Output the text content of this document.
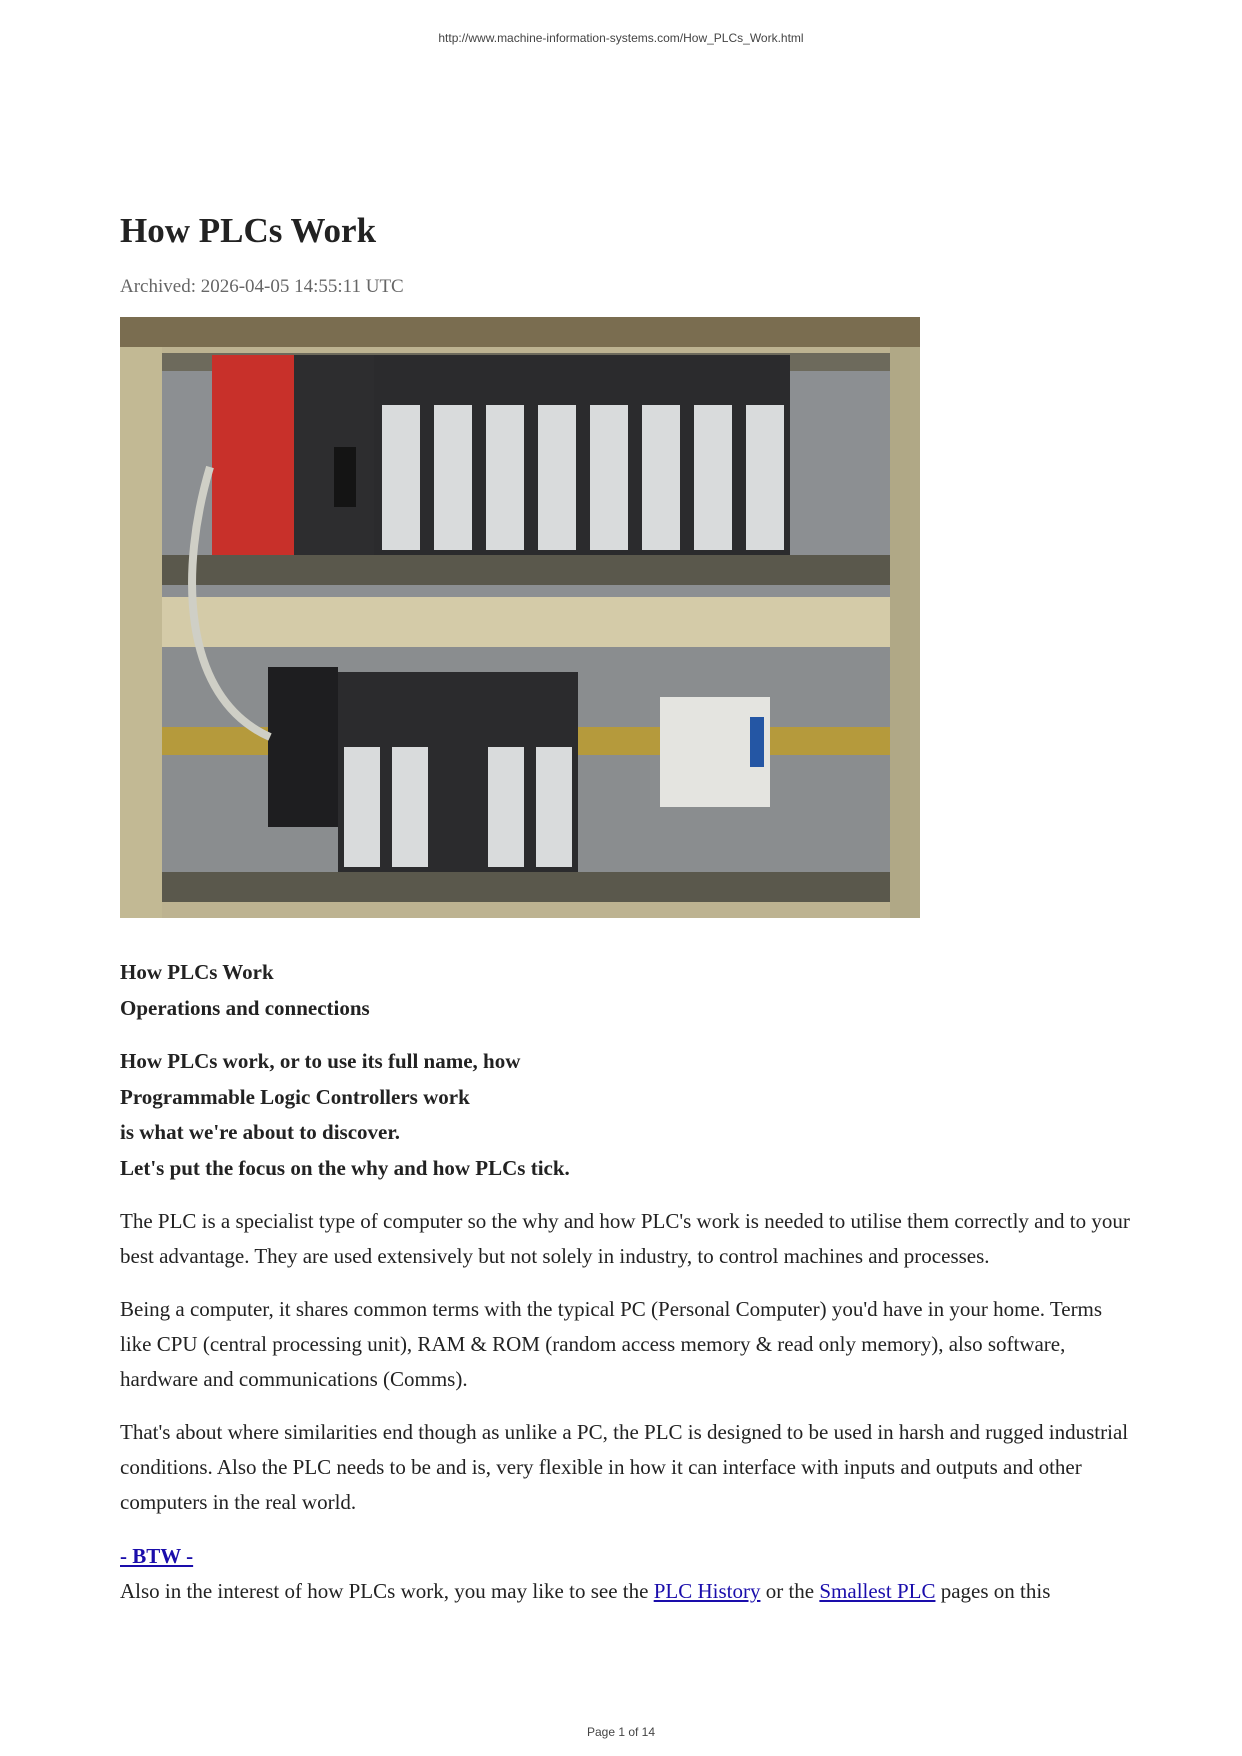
http://www.machine-information-systems.com/How_PLCs_Work.html
How PLCs Work
Archived: 2026-04-05 14:55:11 UTC
How PLCs Work
Operations and connections
How PLCs work, or to use its full name, how
Programmable Logic Controllers work
is what we're about to discover.
Let's put the focus on the why and how PLCs tick.

The PLC is a specialist type of computer so the why and how PLC's work is needed to utilise them correctly and to your best advantage. They are used extensively but not solely in industry, to control machines and processes.

Being a computer, it shares common terms with the typical PC (Personal Computer) you'd have in your home. Terms like CPU (central processing unit), RAM & ROM (random access memory & read only memory), also software, hardware and communications (Comms).

That's about where similarities end though as unlike a PC, the PLC is designed to be used in harsh and rugged industrial conditions. Also the PLC needs to be and is, very flexible in how it can interface with inputs and outputs and other computers in the real world.

- BTW -
Also in the interest of how PLCs work, you may like to see the PLC History or the Smallest PLC pages on this
Page 1 of 14
